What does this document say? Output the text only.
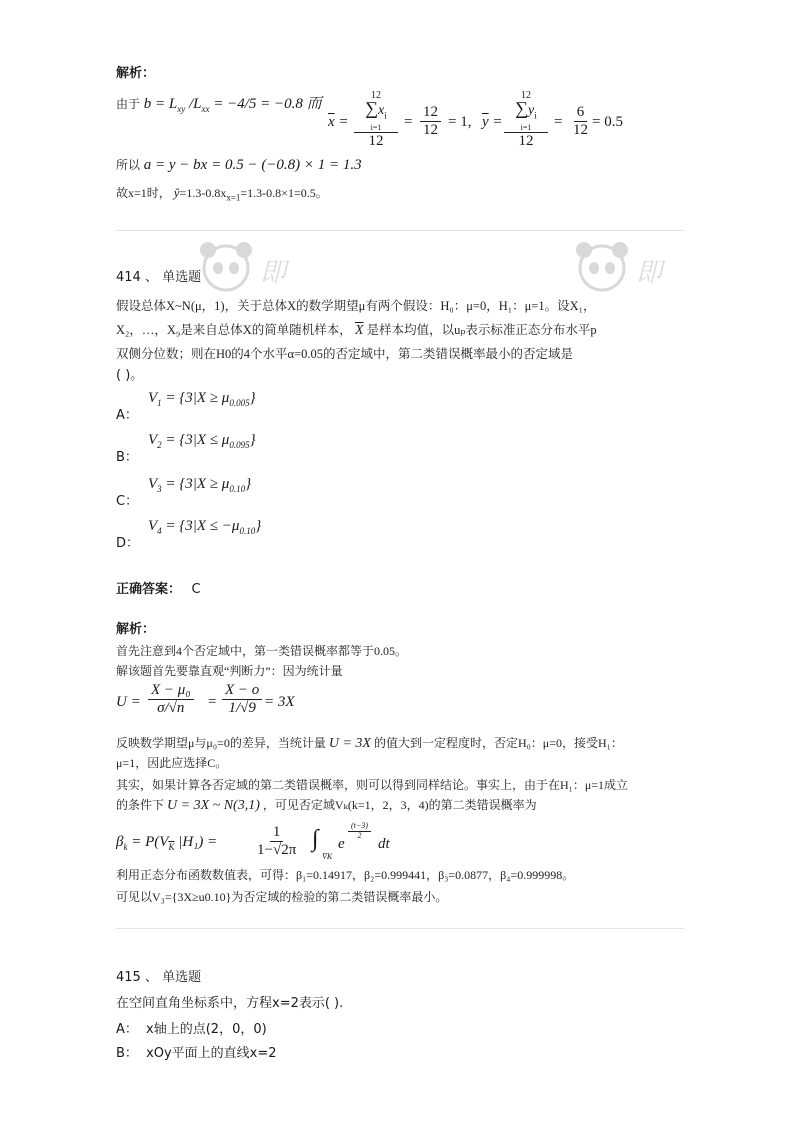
解析：
由于 $b = L_{xy}$ $/L_{xx} = -4/5 = -0.8$ 而
$\overline{x}$ =
12
$\sum x_i$
i=1
12
= $\frac{12}{12} = 1$, $\overline{y}$ =
12
$\sum y_i$
i=1
12
= $\frac{6}{12} = 0.5$
所以 a = y − bx = 0.5 − (−0.8) × 1 = 1.3
故x=1时， $ŷ=1.3-0.8x_{x=1}=1.3-0.8\times 1=0.5$。
即	即
414 、 单选题
假设总体X~N(μ，1)，关于总体X的数学期望μ有两个假设：H₀：μ=0，H₁：μ=1。设X₁，
X₂，…，X₉是来自总体X的简单随机样本， $\overline{X}$ 是样本均值，以uₚ表示标准正态分布水平p
双侧分位数；则在H0的4个水平α=0.05的否定域中，第二类错误概率最小的否定域是
( )。
A：
$V_1 = \{3|X \ge \mu_{0.005}\}$
B：
$V_2 = \{3|X \le \mu_{0.095}\}$
C：
$V_3 = \{3|X \ge \mu_{0.10}\}$
D：
$V_4 = \{3|X \le -\mu_{0.10}\}$
正确答案： C
解析：
首先注意到4个否定域中，第一类错误概率都等于0.05。
解该题首先要靠直观“判断力”：因为统计量
$U = \frac{\text{X − μ₀}}{\sigma/√n} = \frac{X - o}{1/√9} = 3X$
反映数学期望μ与μ₀=0的差异，当统计量 U = 3X 的值大到一定程度时，否定H₀：μ=0，接受H₁：
μ=1，因此应选择C。
其实，如果计算各否定域的第二类错误概率，则可以得到同样结论。事实上，由于在H₁：μ=1成立
的条件下 U = 3X ~ N(3,1) ，可见否定域Vₖ(k=1，2，3，4)的第二类错误概率为
$\beta_k = P(V_{\overline{K}}$ $|H_1) = \frac{1}{1-√2\pi}$ ∫
V̄K
e
$\frac{(t-3)}{2}$
dt
利用正态分布函数数值表，可得：β₁=0.14917，β₂=0.999441，β₃=0.0877，β₄=0.999998。
可见以V₃={3X≥u0.10}为否定域的检验的第二类错误概率最小。
415 、 单选题
在空间直角坐标系中，方程x=2表示( ).
A： x轴上的点(2，0，0)
B： xOy平面上的直线x=2
